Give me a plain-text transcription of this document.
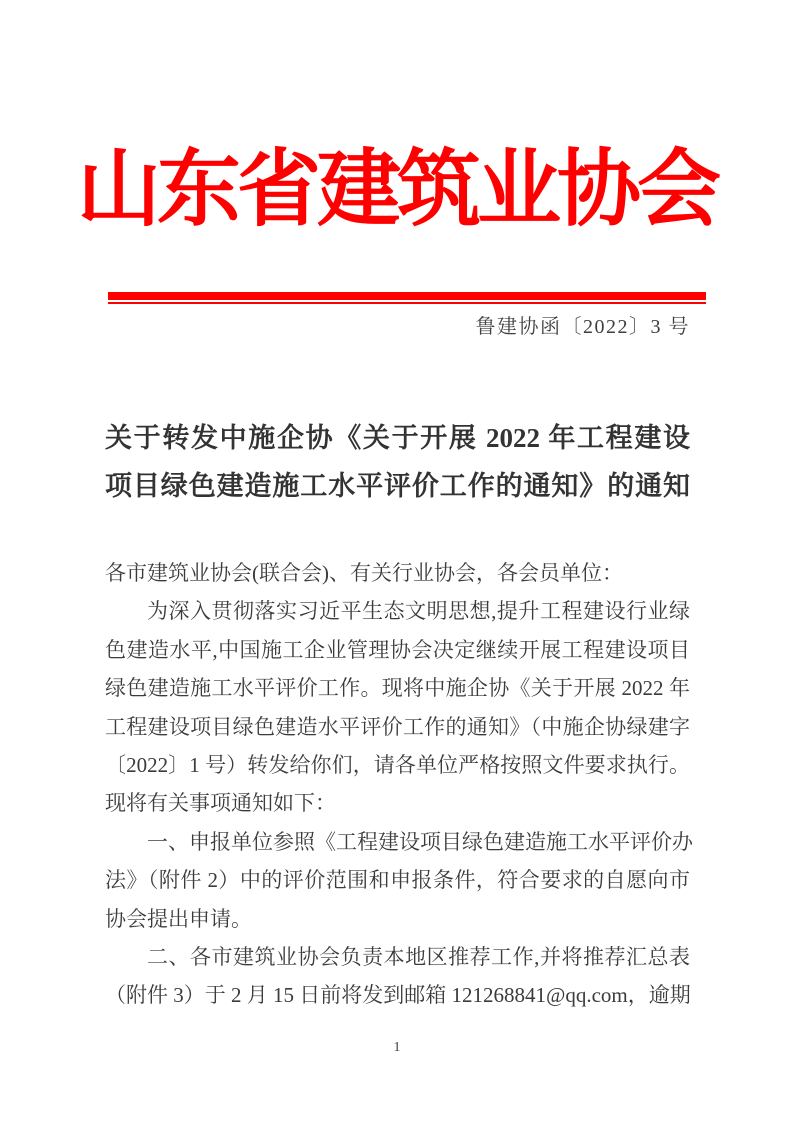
山东省建筑业协会
鲁建协函〔2022〕3 号
关于转发中施企协《关于开展 2022 年工程建设
项目绿色建造施工水平评价工作的通知》的通知
各市建筑业协会(联合会)、有关行业协会，各会员单位：
为深入贯彻落实习近平生态文明思想,提升工程建设行业绿
色建造水平,中国施工企业管理协会决定继续开展工程建设项目
绿色建造施工水平评价工作。现将中施企协《关于开展 2022 年
工程建设项目绿色建造水平评价工作的通知》（中施企协绿建字
〔2022〕1 号）转发给你们，请各单位严格按照文件要求执行。
现将有关事项通知如下：
一、申报单位参照《工程建设项目绿色建造施工水平评价办
法》（附件 2）中的评价范围和申报条件，符合要求的自愿向市
协会提出申请。
二、各市建筑业协会负责本地区推荐工作,并将推荐汇总表
（附件 3）于 2 月 15 日前将发到邮箱 121268841@qq.com，逾期
1
